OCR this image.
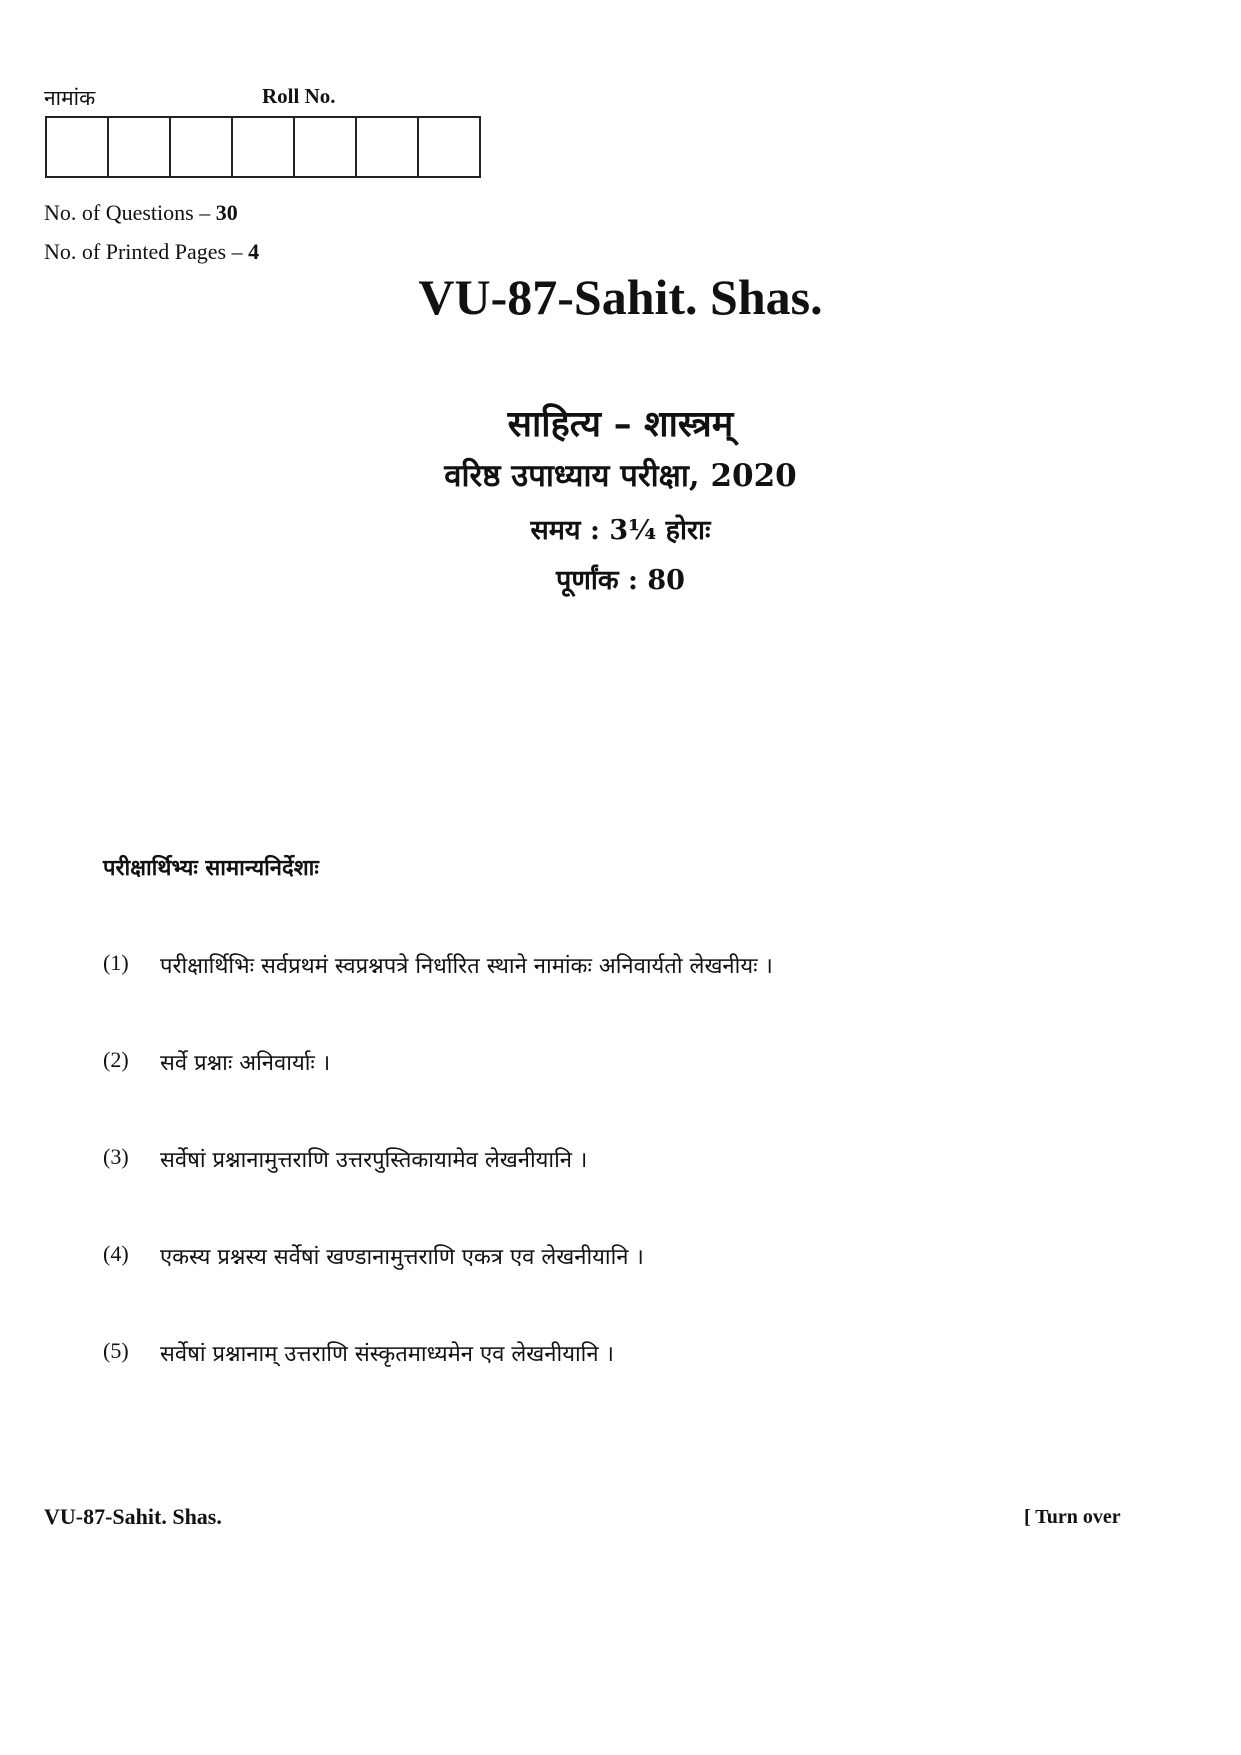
नामांक	Roll No.
No. of Questions – 30
No. of Printed Pages – 4
VU-87-Sahit. Shas.
साहित्य – शास्त्रम्
वरिष्ठ उपाध्याय परीक्षा, 2020
समय : 3¼ होराः
पूर्णांक : 80
परीक्षार्थिभ्यः सामान्यनिर्देशाः
(1)	परीक्षार्थिभिः सर्वप्रथमं स्वप्रश्नपत्रे निर्धारित स्थाने नामांकः अनिवार्यतो लेखनीयः ।
(2)	सर्वे प्रश्नाः अनिवार्याः ।
(3)	सर्वेषां प्रश्नानामुत्तराणि उत्तरपुस्तिकायामेव लेखनीयानि ।
(4)	एकस्य प्रश्नस्य सर्वेषां खण्डानामुत्तराणि एकत्र एव लेखनीयानि ।
(5)	सर्वेषां प्रश्नानाम् उत्तराणि संस्कृतमाध्यमेन एव लेखनीयानि ।
VU-87-Sahit. Shas.	[ Turn over
